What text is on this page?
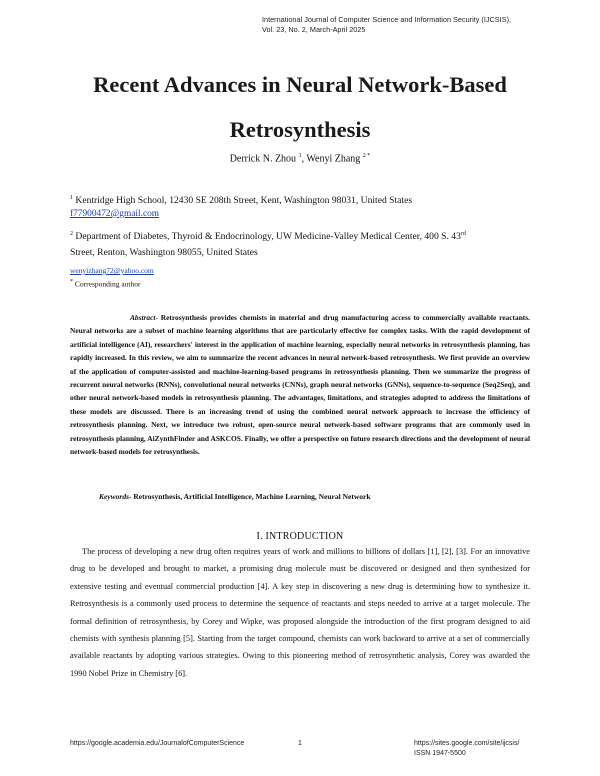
International Journal of Computer Science and Information Security (IJCSIS),
Vol. 23, No. 2, March-April 2025
Recent Advances in Neural Network-Based
Retrosynthesis
Derrick N. Zhou $^1$, Wenyi Zhang $^{2 *}$
$^1$ Kentridge High School, 12430 SE 208th Street, Kent, Washington 98031, United States
f77900472@gmail.com
$^2$ Department of Diabetes, Thyroid & Endocrinology, UW Medicine-Valley Medical Center, 400 S. 43rd
Street, Renton, Washington 98055, United States
wenyizhang72@yahoo.com
* Corresponding author

Abstract- Retrosynthesis provides chemists in material and drug manufacturing access to commercially available reactants. Neural networks are a subset of machine learning algorithms that are particularly effective for complex tasks. With the rapid development of artificial intelligence (AI), researchers' interest in the application of machine learning, especially neural networks in retrosynthesis planning, has rapidly increased. In this review, we aim to summarize the recent advances in neural network-based retrosynthesis. We first provide an overview of the application of computer-assisted and machine-learning-based programs in retrosynthesis planning. Then we summarize the progress of recurrent neural networks (RNNs), convolutional neural networks (CNNs), graph neural networks (GNNs), sequence-to-sequence (Seq2Seq), and other neural network-based models in retrosynthesis planning. The advantages, limitations, and strategies adopted to address the limitations of these models are discussed. There is an increasing trend of using the combined neural network approach to increase the efficiency of retrosynthesis planning. Next, we introduce two robust, open-source neural network-based software programs that are commonly used in retrosynthesis planning, AiZynthFinder and ASKCOS. Finally, we offer a perspective on future research directions and the development of neural network-based models for retrosynthesis.

Keywords- Retrosynthesis, Artificial Intelligence, Machine Learning, Neural Network
I. INTRODUCTION

The process of developing a new drug often requires years of work and millions to billions of dollars [1], [2], [3]. For an innovative drug to be developed and brought to market, a promising drug molecule must be discovered or designed and then synthesized for extensive testing and eventual commercial production [4]. A key step in discovering a new drug is determining how to synthesize it. Retrosynthesis is a commonly used process to determine the sequence of reactants and steps needed to arrive at a target molecule. The formal definition of retrosynthesis, by Corey and Wipke, was proposed alongside the introduction of the first program designed to aid chemists with synthesis planning [5]. Starting from the target compound, chemists can work backward to arrive at a set of commercially available reactants by adopting various strategies. Owing to this pioneering method of retrosynthetic analysis, Corey was awarded the 1990 Nobel Prize in Chemistry [6].

https://google.academia.edu/JournalofComputerScience	1	https://sites.google.com/site/ijcsis/
ISSN 1947-5500
